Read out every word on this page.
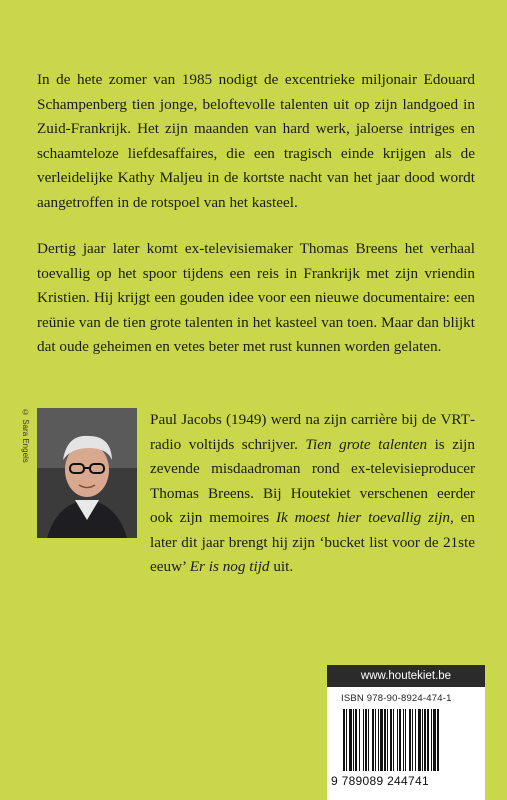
In de hete zomer van 1985 nodigt de excentrieke miljonair Edouard Schampenberg tien jonge, beloftevolle talenten uit op zijn landgoed in Zuid-Frankrijk. Het zijn maanden van hard werk, jaloerse intriges en schaamteloze liefdesaffaires, die een tragisch einde krijgen als de verleidelijke Kathy Maljeu in de kortste nacht van het jaar dood wordt aangetroffen in de rotspoel van het kasteel.

Dertig jaar later komt ex-televisiemaker Thomas Breens het verhaal toevallig op het spoor tijdens een reis in Frankrijk met zijn vriendin Kristien. Hij krijgt een gouden idee voor een nieuwe documentaire: een reünie van de tien grote talenten in het kasteel van toen. Maar dan blijkt dat oude geheimen en vetes beter met rust kunnen worden gelaten.

© Sara Engels	Paul Jacobs (1949) werd na zijn carrière bij de VRT-radio voltijds schrijver. Tien grote talenten is zijn zevende misdaadroman rond ex-televisieproducer Thomas Breens. Bij Houtekiet verschenen eerder ook zijn memoires Ik moest hier toevallig zijn, en later dit jaar brengt hij zijn ‘bucket list voor de 21ste eeuw’ Er is nog tijd uit.

www.houtekiet.be
ISBN 978-90-8924-474-1
9 789089 244741
